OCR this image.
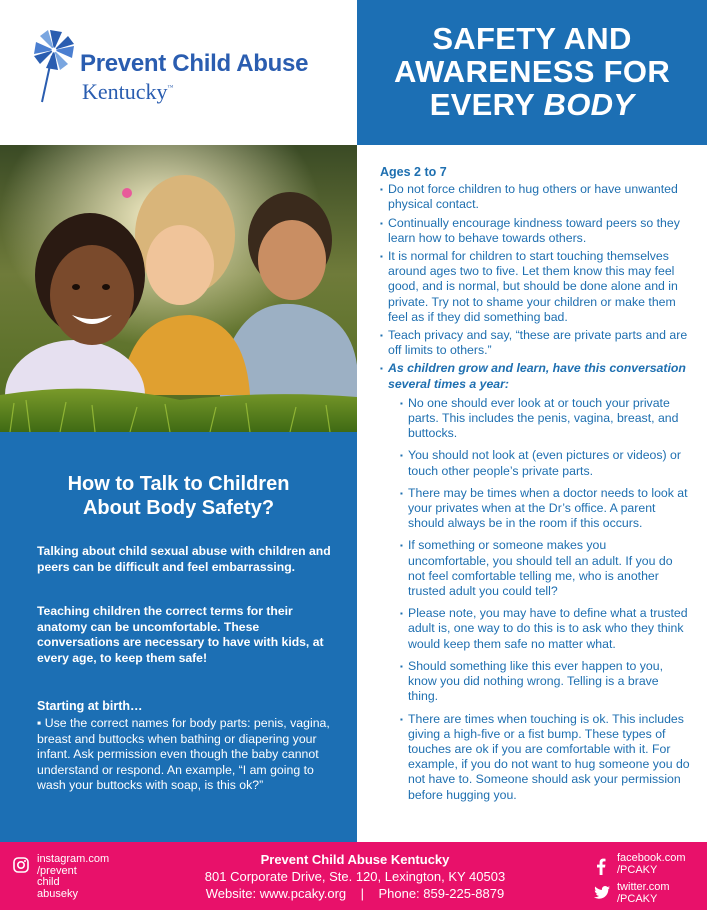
Prevent Child Abuse
Kentucky™
SAFETY AND
AWARENESS FOR
EVERY BODY
How to Talk to Children
About Body Safety?

Talking about child sexual abuse with children and peers can be difficult and feel embarrassing.

Teaching children the correct terms for their anatomy can be uncomfortable. These conversations are necessary to have with kids, at every age, to keep them safe!

Starting at birth…

▪ Use the correct names for body parts: penis, vagina, breast and buttocks when bathing or diapering your infant. Ask permission even though the baby cannot understand or respond. An example, “I am going to wash your buttocks with soap, is this ok?”

Ages 2 to 7
▪ Do not force children to hug others or have unwanted physical contact.
▪ Continually encourage kindness toward peers so they learn how to behave towards others.
▪ It is normal for children to start touching themselves around ages two to five. Let them know this may feel good, and is normal, but should be done alone and in private. Try not to shame your children or make them feel as if they did something bad.
▪ Teach privacy and say, “these are private parts and are off limits to others.”
▪ As children grow and learn, have this conversation several times a year:
▪ No one should ever look at or touch your private parts. This includes the penis, vagina, breast, and buttocks.
▪ You should not look at (even pictures or videos) or touch other people’s private parts.
▪ There may be times when a doctor needs to look at your privates when at the Dr’s office. A parent should always be in the room if this occurs.
▪ If something or someone makes you uncomfortable, you should tell an adult. If you do not feel comfortable telling me, who is another trusted adult you could tell?
▪ Please note, you may have to define what a trusted adult is, one way to do this is to ask who they think would keep them safe no matter what.
▪ Should something like this ever happen to you, know you did nothing wrong. Telling is a brave thing.
▪ There are times when touching is ok. This includes giving a high-five or a fist bump. These types of touches are ok if you are comfortable with it. For example, if you do not want to hug someone you do not have to. Someone should ask your permission before hugging you.
instagram.com
/prevent
child
abuseky
Prevent Child Abuse Kentucky
801 Corporate Drive, Ste. 120, Lexington, KY 40503
Website: www.pcaky.org | Phone: 859-225-8879
facebook.com
/PCAKY
twitter.com
/PCAKY
